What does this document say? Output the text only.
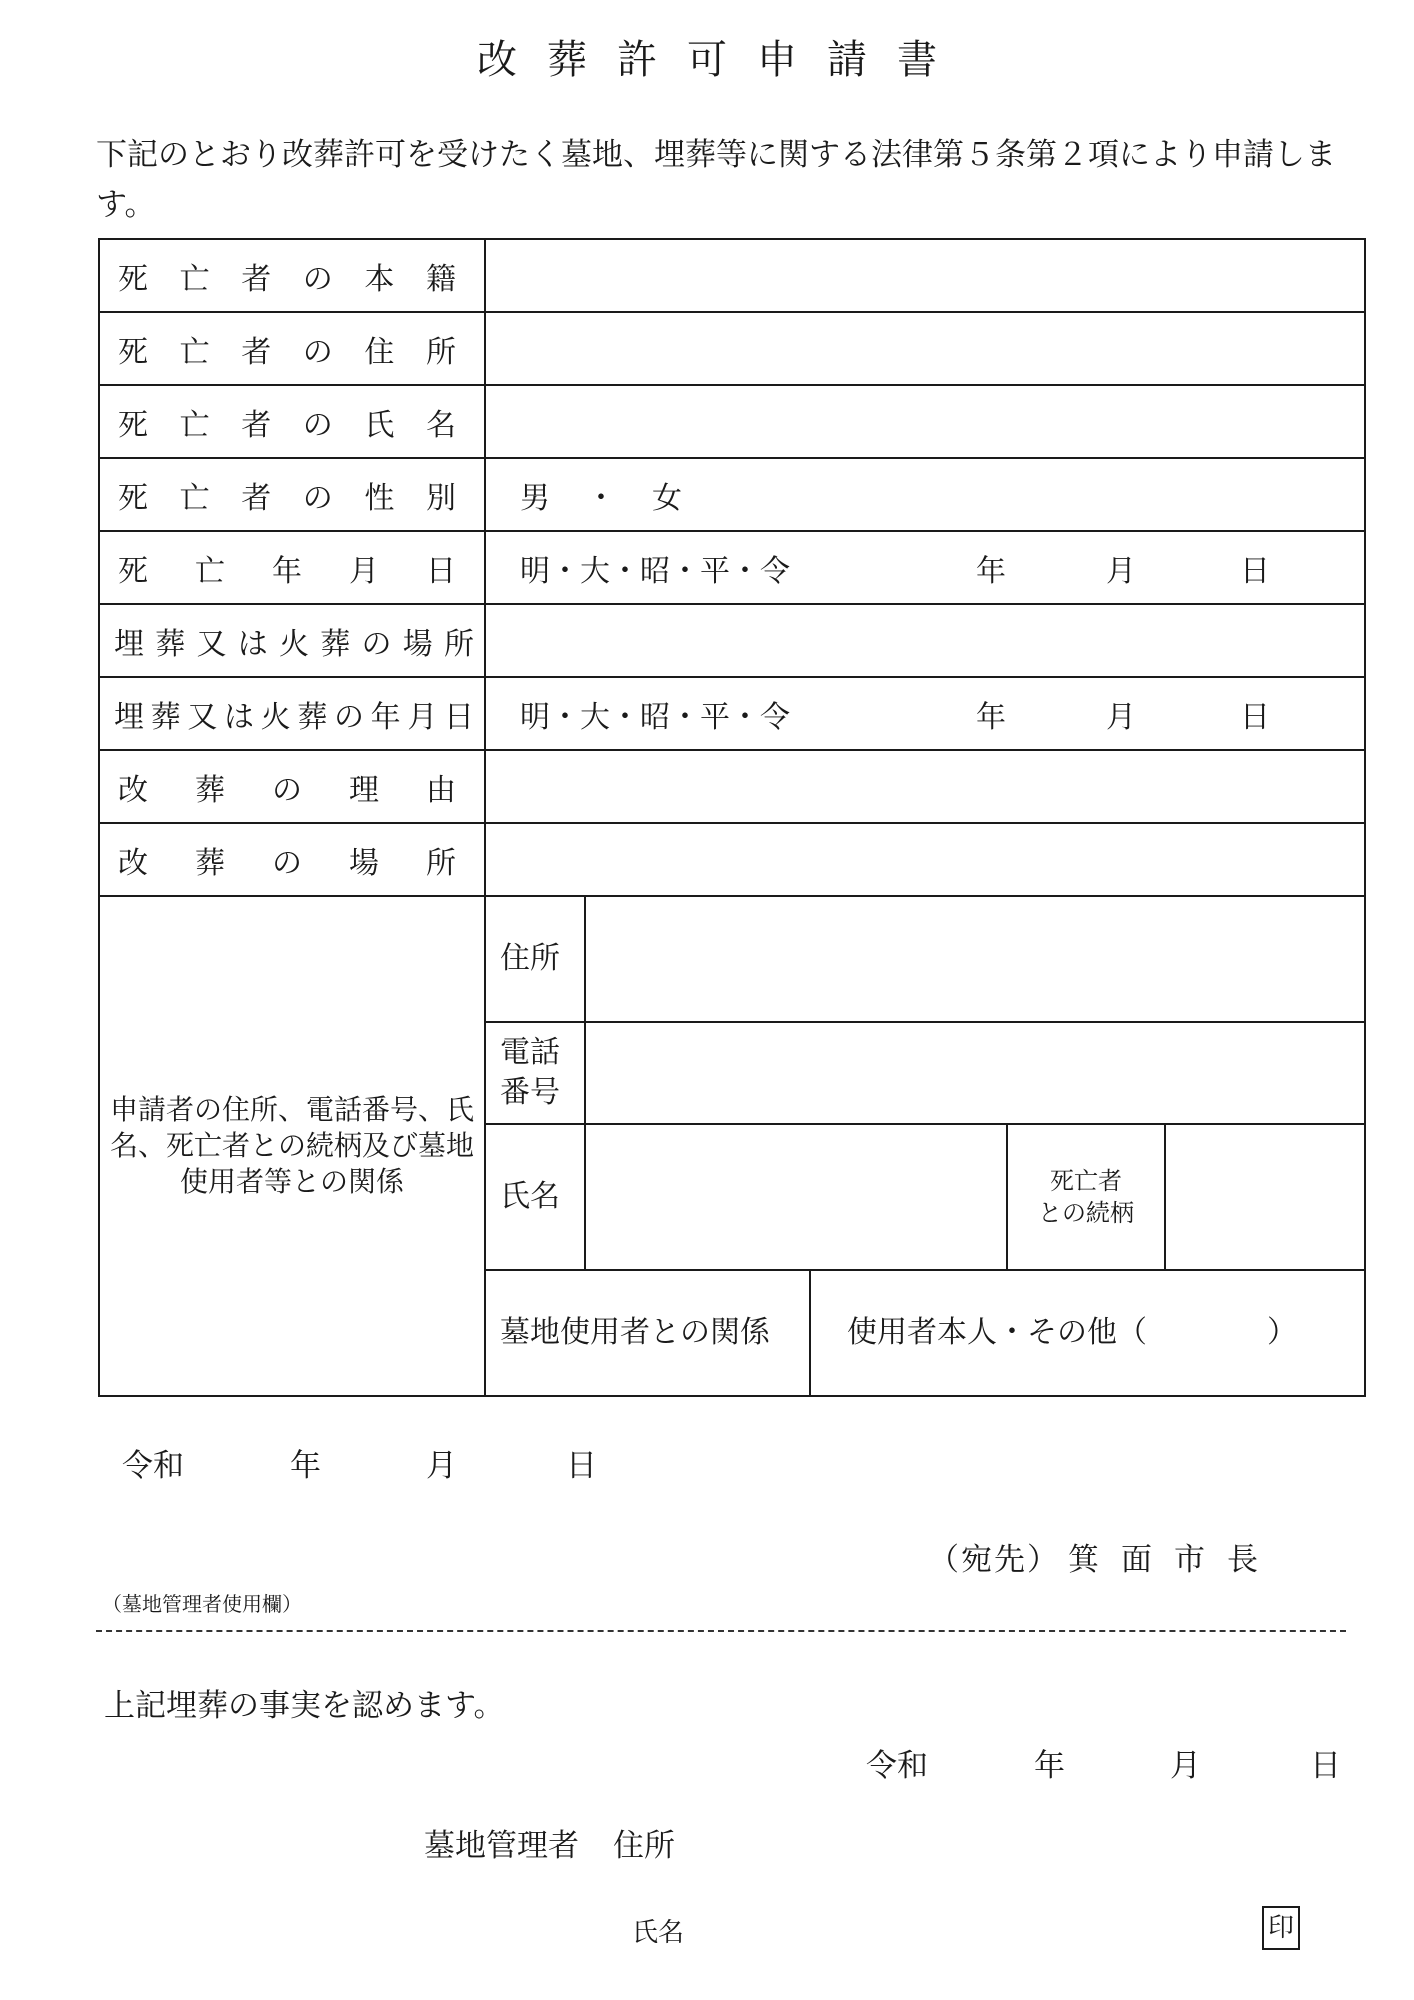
改葬許可申請書
下記のとおり改葬許可を受けたく墓地、埋葬等に関する法律第５条第２項により申請します。
死亡者の本籍					
死亡者の住所					
死亡者の氏名					
死亡者の性別	男 ・ 女				
死亡年月日	明・大・昭・平・令 年 月 日				

埋葬又は火葬の場所					
埋葬又は火葬の年月日	明・大・昭・平・令 年 月 日				

改葬の理由					
改葬の場所					
申請者の住所、電話番号、氏名、死亡者との続柄及び墓地使用者等との関係	住所				

	電話
番号				

	氏名			死亡者
との続柄	

	墓地使用者との関係		使用者本人・その他（　　　　）		
令和	年	月	日
（宛先） 箕面市長
（墓地管理者使用欄）
上記埋葬の事実を認めます。
令和	年	月	日
墓地管理者 住所
氏名	印
